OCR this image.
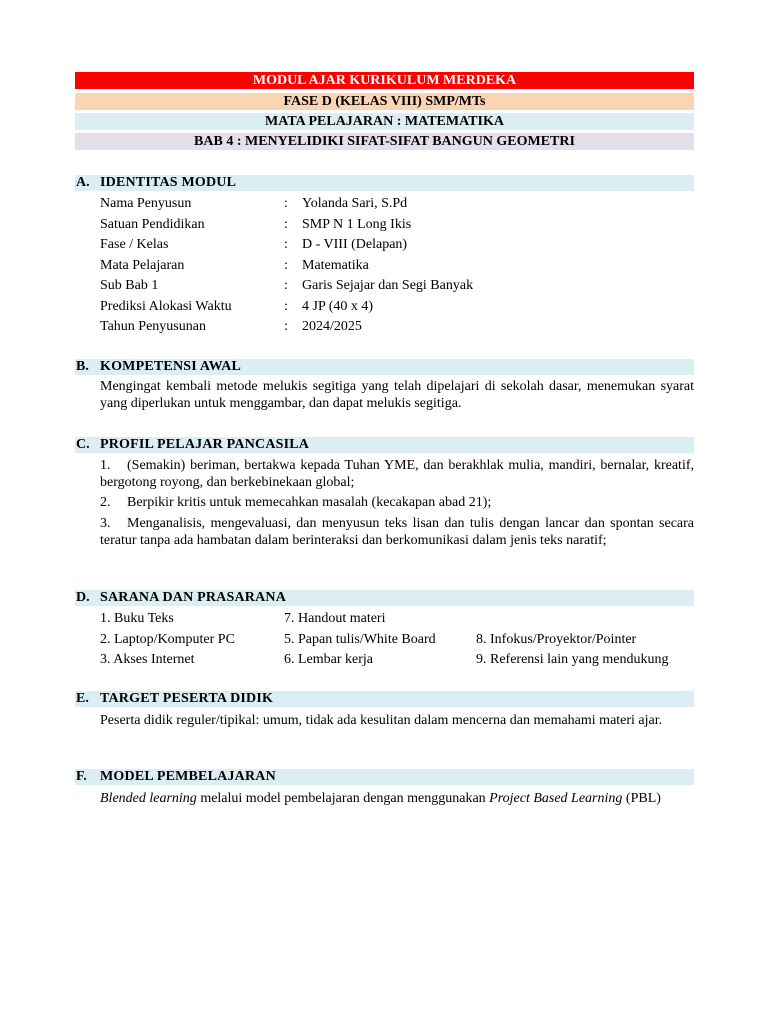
MODUL AJAR KURIKULUM MERDEKA
FASE D (KELAS VIII) SMP/MTs
MATA PELAJARAN : MATEMATIKA
BAB 4 : MENYELIDIKI SIFAT-SIFAT BANGUN GEOMETRI
A. IDENTITAS MODUL
Nama Penyusun	: Yolanda Sari, S.Pd
Satuan Pendidikan	: SMP N 1 Long Ikis
Fase / Kelas	: D - VIII (Delapan)
Mata Pelajaran	: Matematika
Sub Bab 1	: Garis Sejajar dan Segi Banyak
Prediksi Alokasi Waktu	: 4 JP (40 x 4)
Tahun Penyusunan	: 2024/2025
B. KOMPETENSI AWAL
Mengingat kembali metode melukis segitiga yang telah dipelajari di sekolah dasar, menemukan syarat yang diperlukan untuk menggambar, dan dapat melukis segitiga.
C. PROFIL PELAJAR PANCASILA
1.	(Semakin) beriman, bertakwa kepada Tuhan YME, dan berakhlak mulia, mandiri, bernalar, kreatif, bergotong royong, dan berkebinekaan global;
2. Berpikir kritis untuk memecahkan masalah (kecakapan abad 21);
3.	Menganalisis, mengevaluasi, dan menyusun teks lisan dan tulis dengan lancar dan spontan secara teratur tanpa ada hambatan dalam berinteraksi dan berkomunikasi dalam jenis teks naratif;
D. SARANA DAN PRASARANA
1. Buku Teks	7. Handout materi
2. Laptop/Komputer PC	5. Papan tulis/White Board	8. Infokus/Proyektor/Pointer
3. Akses Internet	6. Lembar kerja	9. Referensi lain yang mendukung
E. TARGET PESERTA DIDIK
Peserta didik reguler/tipikal: umum, tidak ada kesulitan dalam mencerna dan memahami materi ajar.
F. MODEL PEMBELAJARAN
Blended learning melalui model pembelajaran dengan menggunakan Project Based Learning (PBL)
